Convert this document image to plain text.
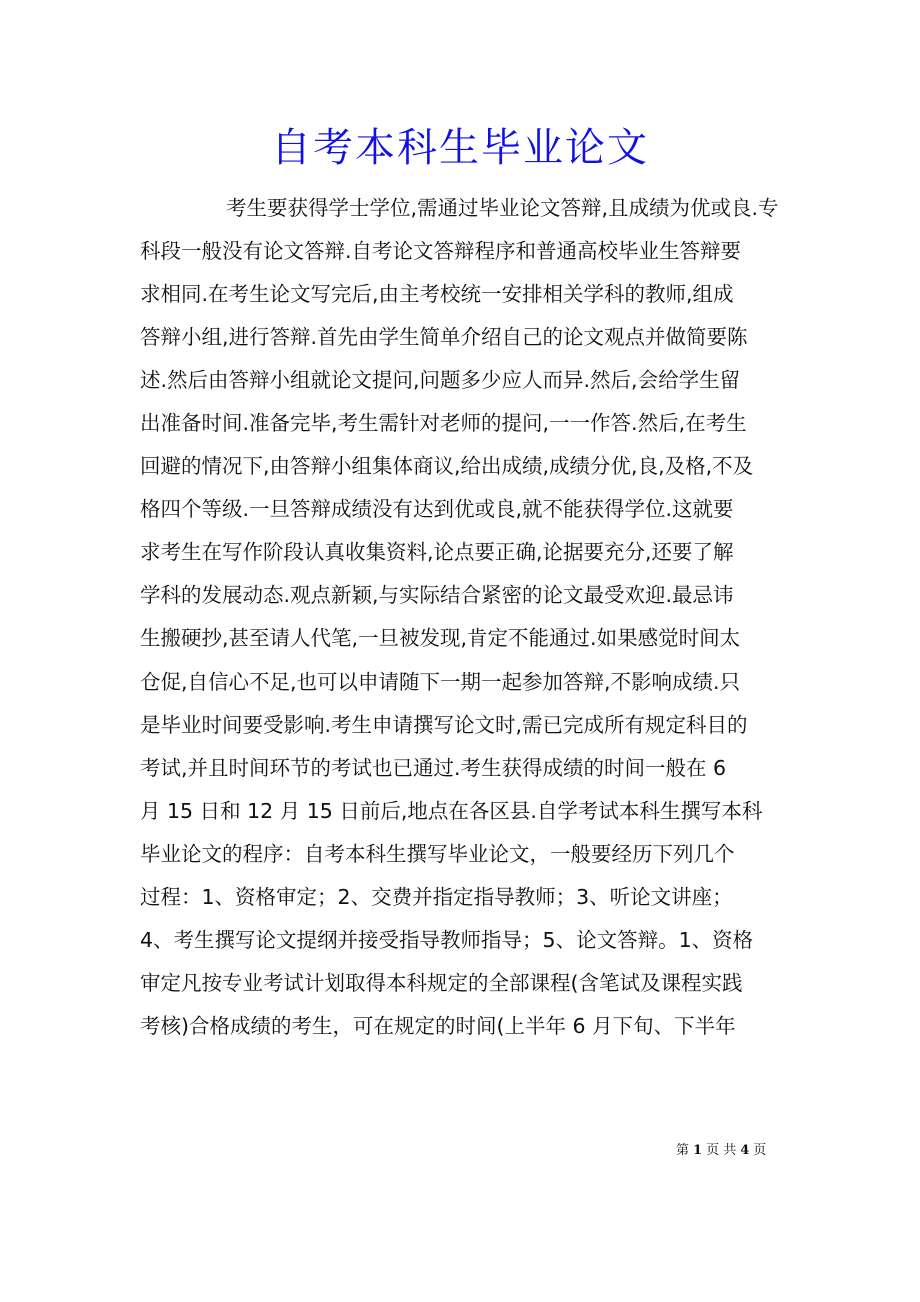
自考本科生毕业论文
考生要获得学士学位,需通过毕业论文答辩,且成绩为优或良.专
科段一般没有论文答辩.自考论文答辩程序和普通高校毕业生答辩要
求相同.在考生论文写完后,由主考校统一安排相关学科的教师,组成
答辩小组,进行答辩.首先由学生简单介绍自己的论文观点并做简要陈
述.然后由答辩小组就论文提问,问题多少应人而异.然后,会给学生留
出准备时间.准备完毕,考生需针对老师的提问,一一作答.然后,在考生
回避的情况下,由答辩小组集体商议,给出成绩,成绩分优,良,及格,不及
格四个等级.一旦答辩成绩没有达到优或良,就不能获得学位.这就要
求考生在写作阶段认真收集资料,论点要正确,论据要充分,还要了解
学科的发展动态.观点新颖,与实际结合紧密的论文最受欢迎.最忌讳
生搬硬抄,甚至请人代笔,一旦被发现,肯定不能通过.如果感觉时间太
仓促,自信心不足,也可以申请随下一期一起参加答辩,不影响成绩.只
是毕业时间要受影响.考生申请撰写论文时,需已完成所有规定科目的
考试,并且时间环节的考试也已通过.考生获得成绩的时间一般在 6
月 15 日和 12 月 15 日前后,地点在各区县.自学考试本科生撰写本科
毕业论文的程序：自考本科生撰写毕业论文，一般要经历下列几个
过程：1、资格审定；2、交费并指定指导教师；3、听论文讲座；
4、考生撰写论文提纲并接受指导教师指导；5、论文答辩。1、资格
审定凡按专业考试计划取得本科规定的全部课程(含笔试及课程实践
考核)合格成绩的考生，可在规定的时间(上半年 6 月下旬、下半年
第 1 页 共 4 页
